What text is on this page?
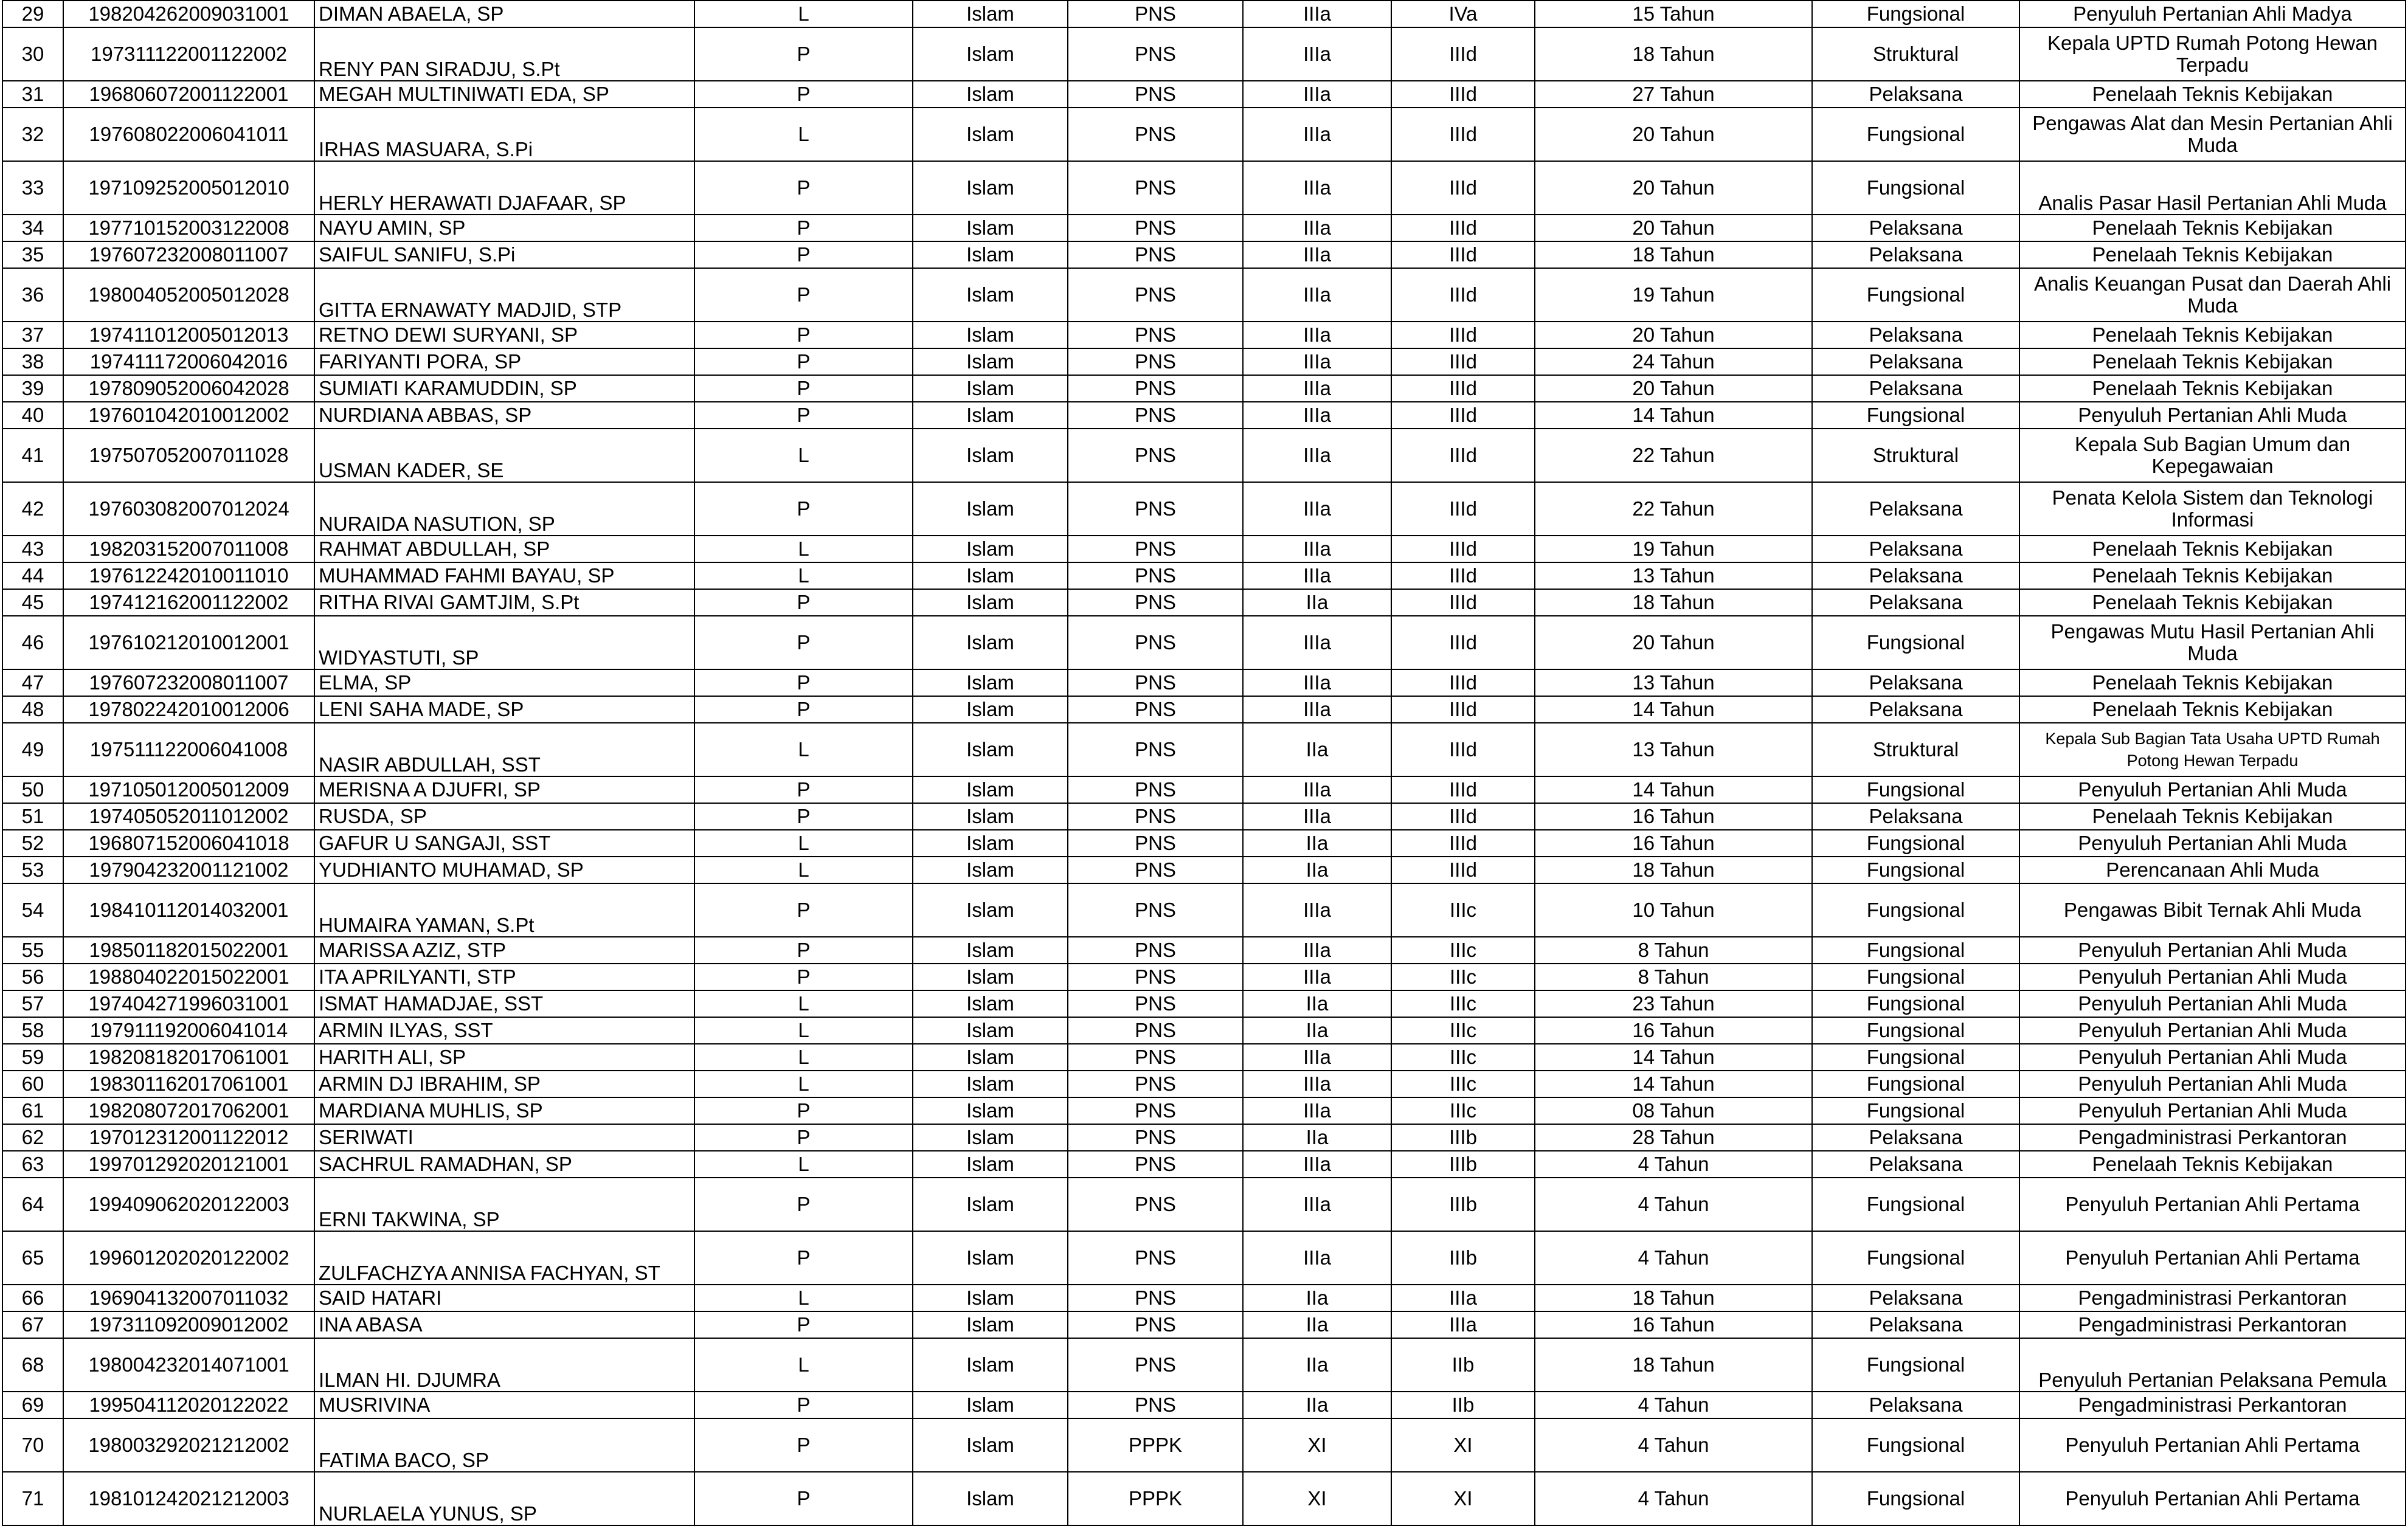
29	198204262009031001	DIMAN ABAELA, SP	L	Islam	PNS	IIIa	IVa	15 Tahun	Fungsional	Penyuluh Pertanian Ahli Madya
30	197311122001122002	RENY PAN SIRADJU, S.Pt	P	Islam	PNS	IIIa	IIId	18 Tahun	Struktural	Kepala UPTD Rumah Potong Hewan Terpadu
31	196806072001122001	MEGAH MULTINIWATI EDA, SP	P	Islam	PNS	IIIa	IIId	27 Tahun	Pelaksana	Penelaah Teknis Kebijakan
32	197608022006041011	IRHAS MASUARA, S.Pi	L	Islam	PNS	IIIa	IIId	20 Tahun	Fungsional	Pengawas Alat dan Mesin Pertanian Ahli Muda
33	197109252005012010	HERLY HERAWATI DJAFAAR, SP	P	Islam	PNS	IIIa	IIId	20 Tahun	Fungsional	Analis Pasar Hasil Pertanian Ahli Muda
34	197710152003122008	NAYU AMIN, SP	P	Islam	PNS	IIIa	IIId	20 Tahun	Pelaksana	Penelaah Teknis Kebijakan
35	197607232008011007	SAIFUL SANIFU, S.Pi	P	Islam	PNS	IIIa	IIId	18 Tahun	Pelaksana	Penelaah Teknis Kebijakan
36	198004052005012028	GITTA ERNAWATY MADJID, STP	P	Islam	PNS	IIIa	IIId	19 Tahun	Fungsional	Analis Keuangan Pusat dan Daerah Ahli Muda
37	197411012005012013	RETNO DEWI SURYANI, SP	P	Islam	PNS	IIIa	IIId	20 Tahun	Pelaksana	Penelaah Teknis Kebijakan
38	197411172006042016	FARIYANTI PORA, SP	P	Islam	PNS	IIIa	IIId	24 Tahun	Pelaksana	Penelaah Teknis Kebijakan
39	197809052006042028	SUMIATI KARAMUDDIN, SP	P	Islam	PNS	IIIa	IIId	20 Tahun	Pelaksana	Penelaah Teknis Kebijakan
40	197601042010012002	NURDIANA ABBAS, SP	P	Islam	PNS	IIIa	IIId	14 Tahun	Fungsional	Penyuluh Pertanian Ahli Muda
41	197507052007011028	USMAN KADER, SE	L	Islam	PNS	IIIa	IIId	22 Tahun	Struktural	Kepala Sub Bagian Umum dan Kepegawaian
42	197603082007012024	NURAIDA NASUTION, SP	P	Islam	PNS	IIIa	IIId	22 Tahun	Pelaksana	Penata Kelola Sistem dan Teknologi Informasi
43	198203152007011008	RAHMAT ABDULLAH, SP	L	Islam	PNS	IIIa	IIId	19 Tahun	Pelaksana	Penelaah Teknis Kebijakan
44	197612242010011010	MUHAMMAD FAHMI BAYAU, SP	L	Islam	PNS	IIIa	IIId	13 Tahun	Pelaksana	Penelaah Teknis Kebijakan
45	197412162001122002	RITHA RIVAI GAMTJIM, S.Pt	P	Islam	PNS	IIa	IIId	18 Tahun	Pelaksana	Penelaah Teknis Kebijakan
46	197610212010012001	WIDYASTUTI, SP	P	Islam	PNS	IIIa	IIId	20 Tahun	Fungsional	Pengawas Mutu Hasil Pertanian Ahli Muda
47	197607232008011007	ELMA, SP	P	Islam	PNS	IIIa	IIId	13 Tahun	Pelaksana	Penelaah Teknis Kebijakan
48	197802242010012006	LENI SAHA MADE, SP	P	Islam	PNS	IIIa	IIId	14 Tahun	Pelaksana	Penelaah Teknis Kebijakan
49	197511122006041008	NASIR ABDULLAH, SST	L	Islam	PNS	IIa	IIId	13 Tahun	Struktural	Kepala Sub Bagian Tata Usaha UPTD Rumah Potong Hewan Terpadu
50	197105012005012009	MERISNA A DJUFRI, SP	P	Islam	PNS	IIIa	IIId	14 Tahun	Fungsional	Penyuluh Pertanian Ahli Muda
51	197405052011012002	RUSDA, SP	P	Islam	PNS	IIIa	IIId	16 Tahun	Pelaksana	Penelaah Teknis Kebijakan
52	196807152006041018	GAFUR U SANGAJI, SST	L	Islam	PNS	IIa	IIId	16 Tahun	Fungsional	Penyuluh Pertanian Ahli Muda
53	197904232001121002	YUDHIANTO MUHAMAD, SP	L	Islam	PNS	IIa	IIId	18 Tahun	Fungsional	Perencanaan Ahli Muda
54	198410112014032001	HUMAIRA YAMAN, S.Pt	P	Islam	PNS	IIIa	IIIc	10 Tahun	Fungsional	Pengawas Bibit Ternak Ahli Muda
55	198501182015022001	MARISSA AZIZ, STP	P	Islam	PNS	IIIa	IIIc	8 Tahun	Fungsional	Penyuluh Pertanian Ahli Muda
56	198804022015022001	ITA APRILYANTI, STP	P	Islam	PNS	IIIa	IIIc	8 Tahun	Fungsional	Penyuluh Pertanian Ahli Muda
57	197404271996031001	ISMAT HAMADJAE, SST	L	Islam	PNS	IIa	IIIc	23 Tahun	Fungsional	Penyuluh Pertanian Ahli Muda
58	197911192006041014	ARMIN ILYAS, SST	L	Islam	PNS	IIa	IIIc	16 Tahun	Fungsional	Penyuluh Pertanian Ahli Muda
59	198208182017061001	HARITH ALI, SP	L	Islam	PNS	IIIa	IIIc	14 Tahun	Fungsional	Penyuluh Pertanian Ahli Muda
60	198301162017061001	ARMIN DJ IBRAHIM, SP	L	Islam	PNS	IIIa	IIIc	14 Tahun	Fungsional	Penyuluh Pertanian Ahli Muda
61	198208072017062001	MARDIANA MUHLIS, SP	P	Islam	PNS	IIIa	IIIc	08 Tahun	Fungsional	Penyuluh Pertanian Ahli Muda
62	197012312001122012	SERIWATI	P	Islam	PNS	IIa	IIIb	28 Tahun	Pelaksana	Pengadministrasi Perkantoran
63	199701292020121001	SACHRUL RAMADHAN, SP	L	Islam	PNS	IIIa	IIIb	4 Tahun	Pelaksana	Penelaah Teknis Kebijakan
64	199409062020122003	ERNI TAKWINA, SP	P	Islam	PNS	IIIa	IIIb	4 Tahun	Fungsional	Penyuluh Pertanian Ahli Pertama
65	199601202020122002	ZULFACHZYA ANNISA FACHYAN, ST	P	Islam	PNS	IIIa	IIIb	4 Tahun	Fungsional	Penyuluh Pertanian Ahli Pertama
66	196904132007011032	SAID HATARI	L	Islam	PNS	IIa	IIIa	18 Tahun	Pelaksana	Pengadministrasi Perkantoran
67	197311092009012002	INA ABASA	P	Islam	PNS	IIa	IIIa	16 Tahun	Pelaksana	Pengadministrasi Perkantoran
68	198004232014071001	ILMAN HI. DJUMRA	L	Islam	PNS	IIa	IIb	18 Tahun	Fungsional	Penyuluh Pertanian Pelaksana Pemula
69	199504112020122022	MUSRIVINA	P	Islam	PNS	IIa	IIb	4 Tahun	Pelaksana	Pengadministrasi Perkantoran
70	198003292021212002	FATIMA BACO, SP	P	Islam	PPPK	XI	XI	4 Tahun	Fungsional	Penyuluh Pertanian Ahli Pertama
71	198101242021212003	NURLAELA YUNUS, SP	P	Islam	PPPK	XI	XI	4 Tahun	Fungsional	Penyuluh Pertanian Ahli Pertama
